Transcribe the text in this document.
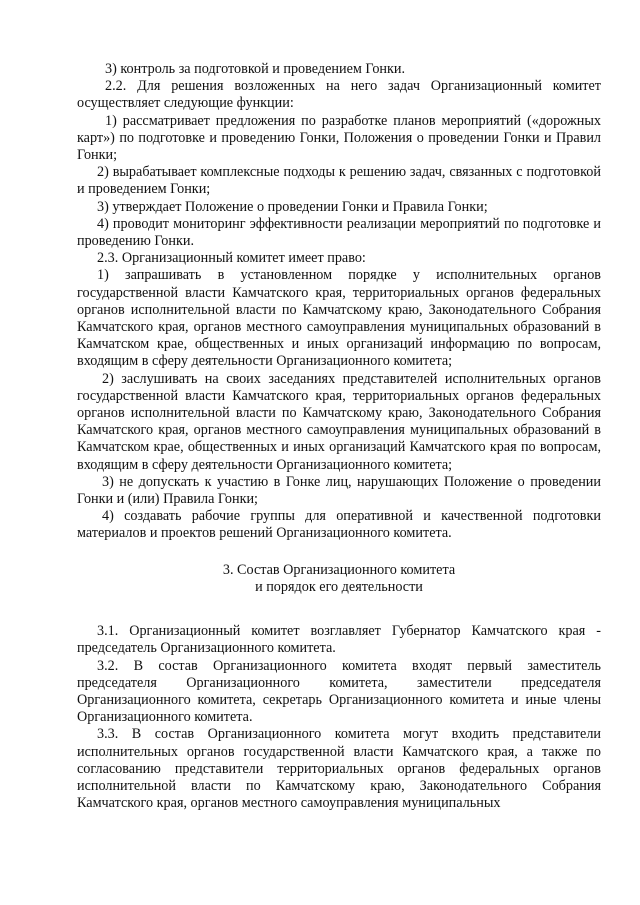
3) контроль за подготовкой и проведением Гонки.

2.2. Для решения возложенных на него задач Организационный комитет осуществляет следующие функции:

1) рассматривает предложения по разработке планов мероприятий («дорожных карт») по подготовке и проведению Гонки, Положения о проведении Гонки и Правил Гонки;

2) вырабатывает комплексные подходы к решению задач, связанных с подготовкой и проведением Гонки;

3) утверждает Положение о проведении Гонки и Правила Гонки;

4) проводит мониторинг эффективности реализации мероприятий по подготовке и проведению Гонки.

2.3. Организационный комитет имеет право:

1) запрашивать в установленном порядке у исполнительных органов государственной власти Камчатского края, территориальных органов федеральных органов исполнительной власти по Камчатскому краю, Законодательного Собрания Камчатского края, органов местного самоуправления муниципальных образований в Камчатском крае, общественных и иных организаций информацию по вопросам, входящим в сферу деятельности Организационного комитета;

2) заслушивать на своих заседаниях представителей исполнительных органов государственной власти Камчатского края, территориальных органов федеральных органов исполнительной власти по Камчатскому краю, Законодательного Собрания Камчатского края, органов местного самоуправления муниципальных образований в Камчатском крае, общественных и иных организаций Камчатского края по вопросам, входящим в сферу деятельности Организационного комитета;

3) не допускать к участию в Гонке лиц, нарушающих Положение о проведении Гонки и (или) Правила Гонки;

4) создавать рабочие группы для оперативной и качественной подготовки материалов и проектов решений Организационного комитета.

3. Состав Организационного комитета

и порядок его деятельности

3.1. Организационный комитет возглавляет Губернатор Камчатского края - председатель Организационного комитета.

3.2. В состав Организационного комитета входят первый заместитель председателя Организационного комитета, заместители председателя Организационного комитета, секретарь Организационного комитета и иные члены Организационного комитета.

3.3. В состав Организационного комитета могут входить представители исполнительных органов государственной власти Камчатского края, а также по согласованию представители территориальных органов федеральных органов исполнительной власти по Камчатскому краю, Законодательного Собрания Камчатского края, органов местного самоуправления муниципальных
